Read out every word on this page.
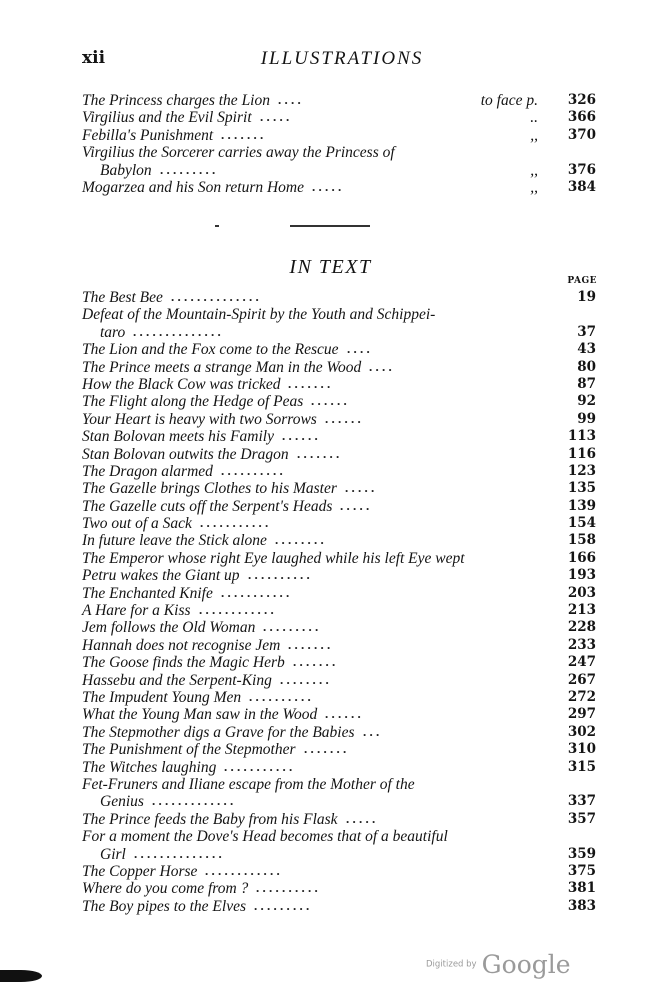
xii	ILLUSTRATIONS
The Princess charges the Lion . . . .	to face p. 326
Virgilius and the Evil Spirit . . . . .	.. 366
Febilla's Punishment . . . . . . .	,, 370
Virgilius the Sorcerer carries away the Princess of
Babylon . . . . . . . . .	,, 376
Mogarzea and his Son return Home . . . . .	,, 384
IN TEXT
PAGE
The Best Bee . . . . . . . . . . . . . .	19
Defeat of the Mountain-Spirit by the Youth and Schippei-
taro . . . . . . . . . . . . . .	37
The Lion and the Fox come to the Rescue . . . .	43
The Prince meets a strange Man in the Wood . . . .	80
How the Black Cow was tricked . . . . . . .	87
The Flight along the Hedge of Peas . . . . . .	92
Your Heart is heavy with two Sorrows . . . . . .	99
Stan Bolovan meets his Family . . . . . .	113
Stan Bolovan outwits the Dragon . . . . . . .	116
The Dragon alarmed . . . . . . . . . .	123
The Gazelle brings Clothes to his Master . . . . .	135
The Gazelle cuts off the Serpent's Heads . . . . .	139
Two out of a Sack . . . . . . . . . . .	154
In future leave the Stick alone . . . . . . . .	158
The Emperor whose right Eye laughed while his left Eye wept	166
Petru wakes the Giant up . . . . . . . . . .	193
The Enchanted Knife . . . . . . . . . . .	203
A Hare for a Kiss . . . . . . . . . . . .	213
Jem follows the Old Woman . . . . . . . . .	228
Hannah does not recognise Jem . . . . . . .	233
The Goose finds the Magic Herb . . . . . . .	247
Hassebu and the Serpent-King . . . . . . . .	267
The Impudent Young Men . . . . . . . . . .	272
What the Young Man saw in the Wood . . . . . .	297
The Stepmother digs a Grave for the Babies . . .	302
The Punishment of the Stepmother . . . . . . .	310
The Witches laughing . . . . . . . . . . .	315
Fet-Fruners and Iliane escape from the Mother of the
Genius . . . . . . . . . . . . .	337
The Prince feeds the Baby from his Flask . . . . .	357
For a moment the Dove's Head becomes that of a beautiful
Girl . . . . . . . . . . . . . .	359
The Copper Horse . . . . . . . . . . . .	375
Where do you come from ? . . . . . . . . . .	381
The Boy pipes to the Elves . . . . . . . . .	383
Digitized by Google
